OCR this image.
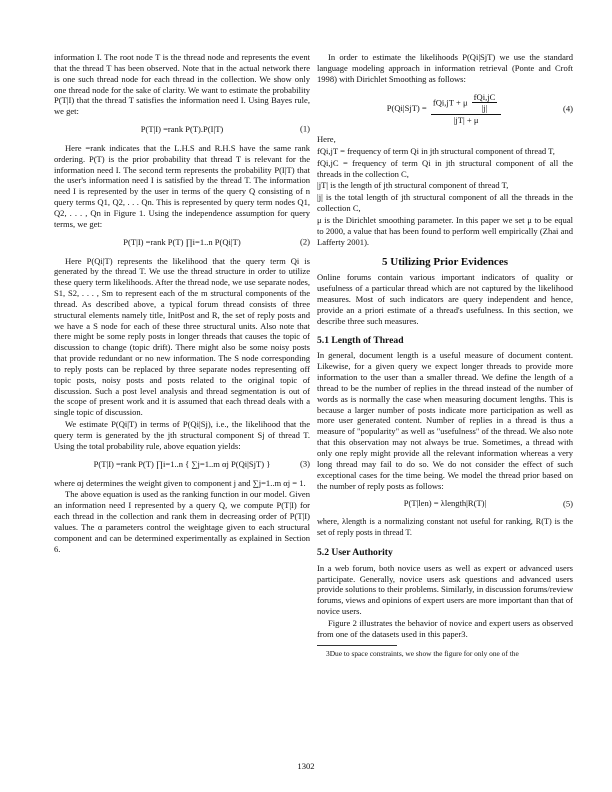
information I. The root node T is the thread node and represents the event that the thread T has been observed. Note that in the actual network there is one such thread node for each thread in the collection. We show only one thread node for the sake of clarity. We want to estimate the probability P(T|I) that the thread T satisfies the information need I. Using Bayes rule, we get:

P(T|I) =rank P(T).P(I|T)	(1)

Here =rank indicates that the L.H.S and R.H.S have the same rank ordering. P(T) is the prior probability that thread T is relevant for the information need I. The second term represents the probability P(I|T) that the user's information need I is satisfied by the thread T. The information need I is represented by the user in terms of the query Q consisting of n query terms Q1, Q2, . . . Qn. This is represented by query term nodes Q1, Q2, . . . , Qn in Figure 1. Using the independence assumption for query terms, we get:

P(T|I) =rank P(T) ∏i=1..n P(Qi|T)	(2)

Here P(Qi|T) represents the likelihood that the query term Qi is generated by the thread T. We use the thread structure in order to utilize these query term likelihoods. After the thread node, we use separate nodes, S1, S2, . . . , Sm to represent each of the m structural components of the thread. As described above, a typical forum thread consists of three structural elements namely title, InitPost and R, the set of reply posts and we have a S node for each of these three structural units. Also note that there might be some reply posts in longer threads that causes the topic of discussion to change (topic drift). There might also be some noisy posts that provide redundant or no new information. The S node corresponding to reply posts can be replaced by three separate nodes representing off topic posts, noisy posts and posts related to the original topic of discussion. Such a post level analysis and thread segmentation is out of the scope of present work and it is assumed that each thread deals with a single topic of discussion.

We estimate P(Qi|T) in terms of P(Qi|Sj), i.e., the likelihood that the query term is generated by the jth structural component Sj of thread T. Using the total probability rule, above equation yields:

P(T|I) =rank P(T) ∏i=1..n { ∑j=1..m αj P(Qi|SjT) }	(3)

where αj determines the weight given to component j and ∑j=1..m αj = 1.

The above equation is used as the ranking function in our model. Given an information need I represented by a query Q, we compute P(T|I) for each thread in the collection and rank them in decreasing order of P(T|I) values. The α parameters control the weightage given to each structural component and can be determined experimentally as explained in Section 6.

In order to estimate the likelihoods P(Qi|SjT) we use the standard language modeling approach in information retrieval (Ponte and Croft 1998) with Dirichlet Smoothing as follows:

$P(Qi|SjT) = \frac{fQi,jT + \mu \frac{\text{fQi,jC}}{|j|}}{|jT| + \mu}$	(4)

Here,

fQi,jT = frequency of term Qi in jth structural component of thread T,

fQi,jC = frequency of term Qi in jth structural component of all the threads in the collection C,

|jT| is the length of jth structural component of thread T,

|j| is the total length of jth structural component of all the threads in the collection C,

μ is the Dirichlet smoothing parameter. In this paper we set μ to be equal to 2000, a value that has been found to perform well empirically (Zhai and Lafferty 2001).

5 Utilizing Prior Evidences

Online forums contain various important indicators of quality or usefulness of a particular thread which are not captured by the likelihood measures. Most of such indicators are query independent and hence, provide an a priori estimate of a thread's usefulness. In this section, we describe three such measures.

5.1 Length of Thread

In general, document length is a useful measure of document content. Likewise, for a given query we expect longer threads to provide more information to the user than a smaller thread. We define the length of a thread to be the number of replies in the thread instead of the number of words as is normally the case when measuring document lengths. This is because a larger number of posts indicate more participation as well as more user generated content. Number of replies in a thread is thus a measure of "popularity" as well as "usefulness" of the thread. We also note that this observation may not always be true. Sometimes, a thread with only one reply might provide all the relevant information whereas a very long thread may fail to do so. We do not consider the effect of such exceptional cases for the time being. We model the thread prior based on the number of reply posts as follows:

P(T|len) = λlength|R(T)|	(5)

where, λlength is a normalizing constant not useful for ranking, R(T) is the set of reply posts in thread T.

5.2 User Authority

In a web forum, both novice users as well as expert or advanced users participate. Generally, novice users ask questions and advanced users provide solutions to their problems. Similarly, in discussion forums/review forums, views and opinions of expert users are more important than that of novice users.

Figure 2 illustrates the behavior of novice and expert users as observed from one of the datasets used in this paper3.

3Due to space constraints, we show the figure for only one of the

1302
